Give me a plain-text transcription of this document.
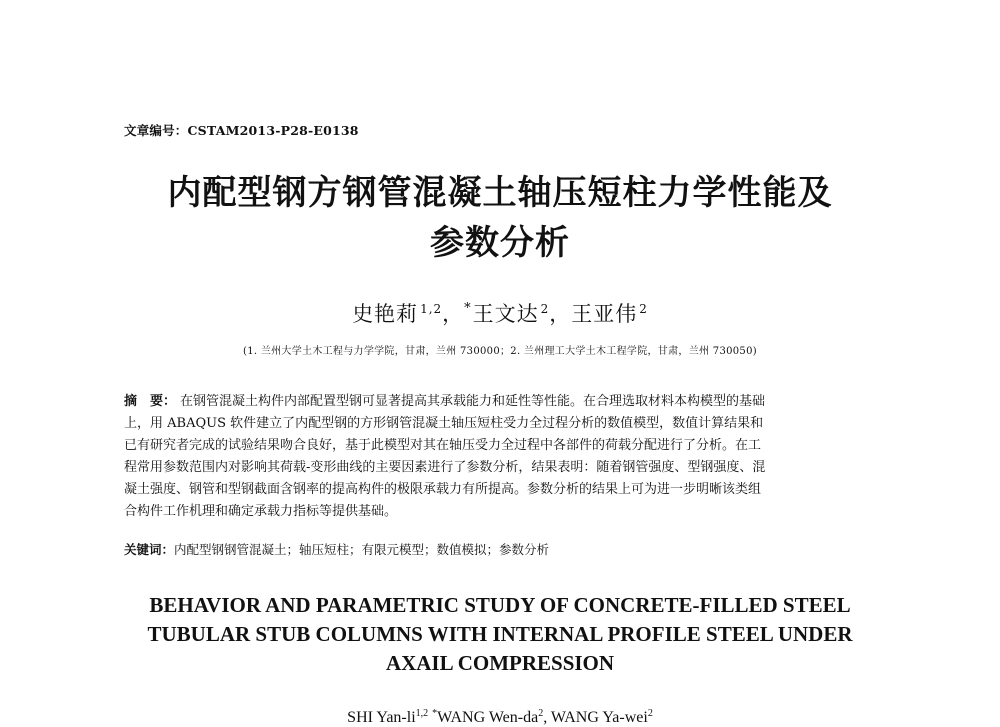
文章编号：CSTAM2013-P28-E0138
内配型钢方钢管混凝土轴压短柱力学性能及
参数分析
史艳莉 $^{1,2}$，*王文达 $^2$，王亚伟 $^2$
(1. 兰州大学土木工程与力学学院，甘肃，兰州 730000；2. 兰州理工大学土木工程学院，甘肃，兰州 730050)
摘　要： 在钢管混凝土构件内部配置型钢可显著提高其承载能力和延性等性能。在合理选取材料本构模型的基础
上，用 ABAQUS 软件建立了内配型钢的方形钢管混凝土轴压短柱受力全过程分析的数值模型，数值计算结果和
已有研究者完成的试验结果吻合良好，基于此模型对其在轴压受力全过程中各部件的荷载分配进行了分析。在工
程常用参数范围内对影响其荷载-变形曲线的主要因素进行了参数分析，结果表明：随着钢管强度、型钢强度、混
凝土强度、钢管和型钢截面含钢率的提高构件的极限承载力有所提高。参数分析的结果上可为进一步明晰该类组
合构件工作机理和确定承载力指标等提供基础。
关键词：内配型钢钢管混凝土；轴压短柱；有限元模型；数值模拟；参数分析
BEHAVIOR AND PARAMETRIC STUDY OF CONCRETE-FILLED STEEL
TUBULAR STUB COLUMNS WITH INTERNAL PROFILE STEEL UNDER
AXAIL COMPRESSION
SHI Yan-li$^{1,2}$ *WANG Wen-$da^2$, WANG Ya-wei$^2$
